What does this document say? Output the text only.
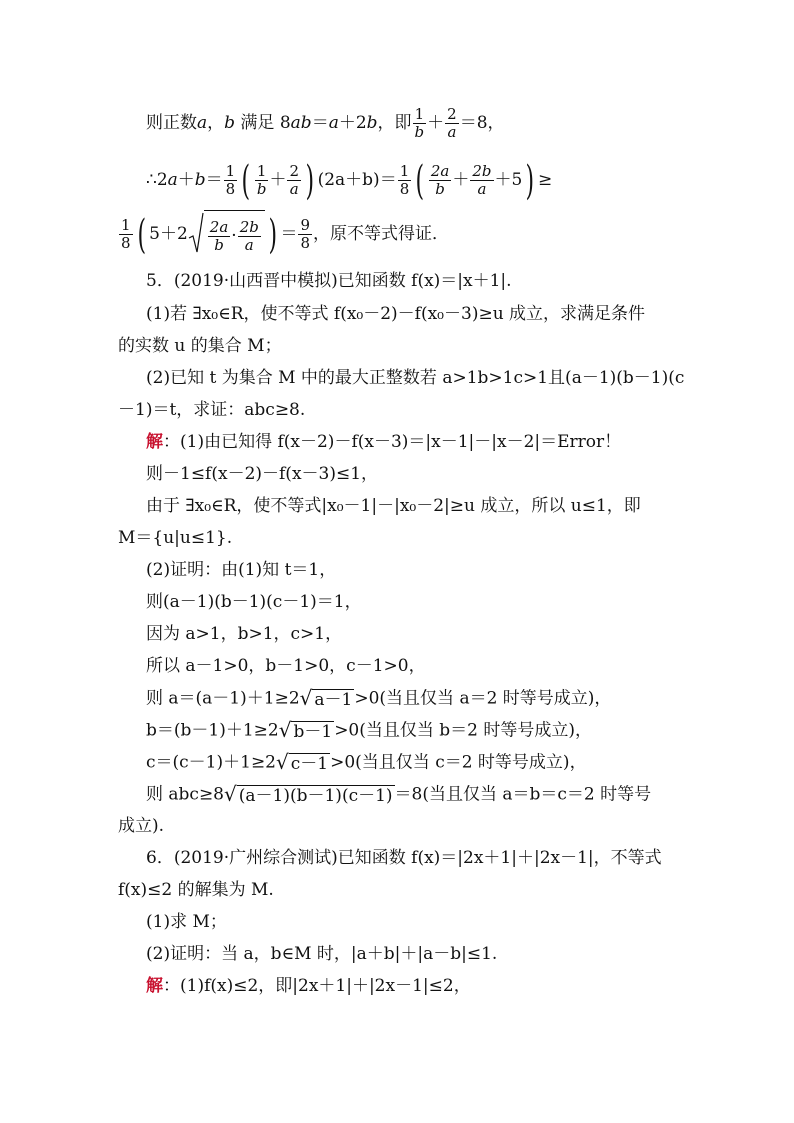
则正数a，b 满足 8ab＝a＋2b，即 $\frac{1}{b} + \frac{2}{a} =8$，
∴2a＋b＝ $\frac{1}{8}$ ( $\frac{1}{b} + \frac{2}{a}$ ) $(2a+b)= \frac{1}{8}$ ( $\frac{2a}{b} + \frac{2b}{a} +5$) ≥
$\frac{1}{8}$ ( $5+2 \frac{2a}{b} \cdot \frac{2b}{a}$ ) ＝ $\frac{9}{8}$ ，原不等式得证．
5．(2019·山西晋中模拟)已知函数 f(x)＝|x＋1|.
(1)若 ∃x₀∈R，使不等式 f(x₀－2)－f(x₀－3)≥u 成立，求满足条件
的实数 u 的集合 M；
(2)已知 t 为集合 M 中的最大正整数若 a>1b>1c>1且(a－1)(b－1)(c
－1)＝t，求证：abc≥8.
解：(1)由已知得 f(x－2)－f(x－3)＝|x－1|－|x－2|＝Error！
则－1≤f(x－2)－f(x－3)≤1，
由于 ∃x₀∈R，使不等式|x₀－1|－|x₀－2|≥u 成立，所以 u≤1，即
M＝{u|u≤1}.
(2)证明：由(1)知 t＝1，
则(a－1)(b－1)(c－1)＝1，
因为 a>1，b>1，c>1，
所以 a－1>0，b－1>0，c－1>0，
则 a＝(a－1)＋1≥2√ a－1 >0(当且仅当 a＝2 时等号成立)，
b＝(b－1)＋1≥2√ b－1 >0(当且仅当 b＝2 时等号成立)，
c＝(c－1)＋1≥2√ c－1 >0(当且仅当 c＝2 时等号成立)，
则 abc≥8√ (a－1)(b－1)(c－1) ＝8(当且仅当 a＝b＝c＝2 时等号
成立).
6．(2019·广州综合测试)已知函数 f(x)＝|2x＋1|＋|2x－1|，不等式
f(x)≤2 的解集为 M.
(1)求 M；
(2)证明：当 a，b∈M 时，|a＋b|＋|a－b|≤1.
解：(1)f(x)≤2，即|2x＋1|＋|2x－1|≤2，
